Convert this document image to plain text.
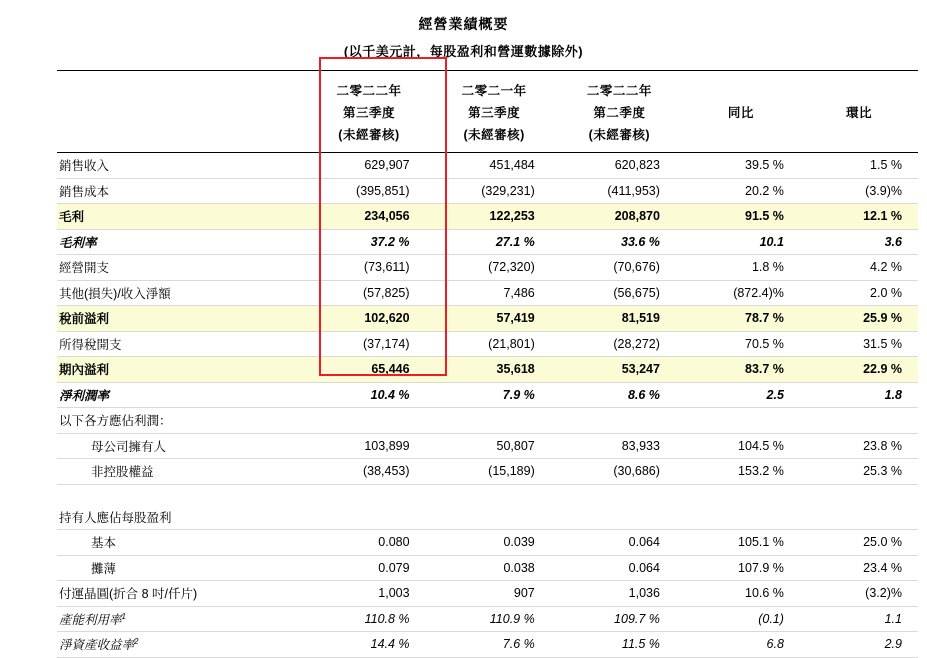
經營業績概要
(以千美元計，每股盈利和營運數據除外)
	二零二二年	二零二一年	二零二二年		
	第三季度	第三季度	第二季度	同比	環比
	(未經審核)	(未經審核)	(未經審核)		
銷售收入	629,907	451,484	620,823	39.5 %	1.5 %
銷售成本	(395,851)	(329,231)	(411,953)	20.2 %	(3.9)%
毛利	234,056	122,253	208,870	91.5 %	12.1 %
毛利率	37.2 %	27.1 %	33.6 %	10.1	3.6
經營開支	(73,611)	(72,320)	(70,676)	1.8 %	4.2 %
其他(損失)/收入淨額	(57,825)	7,486	(56,675)	(872.4)%	2.0 %
稅前溢利	102,620	57,419	81,519	78.7 %	25.9 %
所得稅開支	(37,174)	(21,801)	(28,272)	70.5 %	31.5 %
期內溢利	65,446	35,618	53,247	83.7 %	22.9 %
淨利潤率	10.4 %	7.9 %	8.6 %	2.5	1.8
以下各方應佔利潤：					
母公司擁有人	103,899	50,807	83,933	104.5 %	23.8 %
非控股權益	(38,453)	(15,189)	(30,686)	153.2 %	25.3 %

持有人應佔每股盈利					
基本	0.080	0.039	0.064	105.1 %	25.0 %
攤薄	0.079	0.038	0.064	107.9 %	23.4 %
付運晶圓(折合 8 吋/仟片)	1,003	907	1,036	10.6 %	(3.2)%
產能利用率$^1$	110.8 %	110.9 %	109.7 %	(0.1)	1.1
淨資產收益率$^2$	14.4 %	7.6 %	11.5 %	6.8	2.9
